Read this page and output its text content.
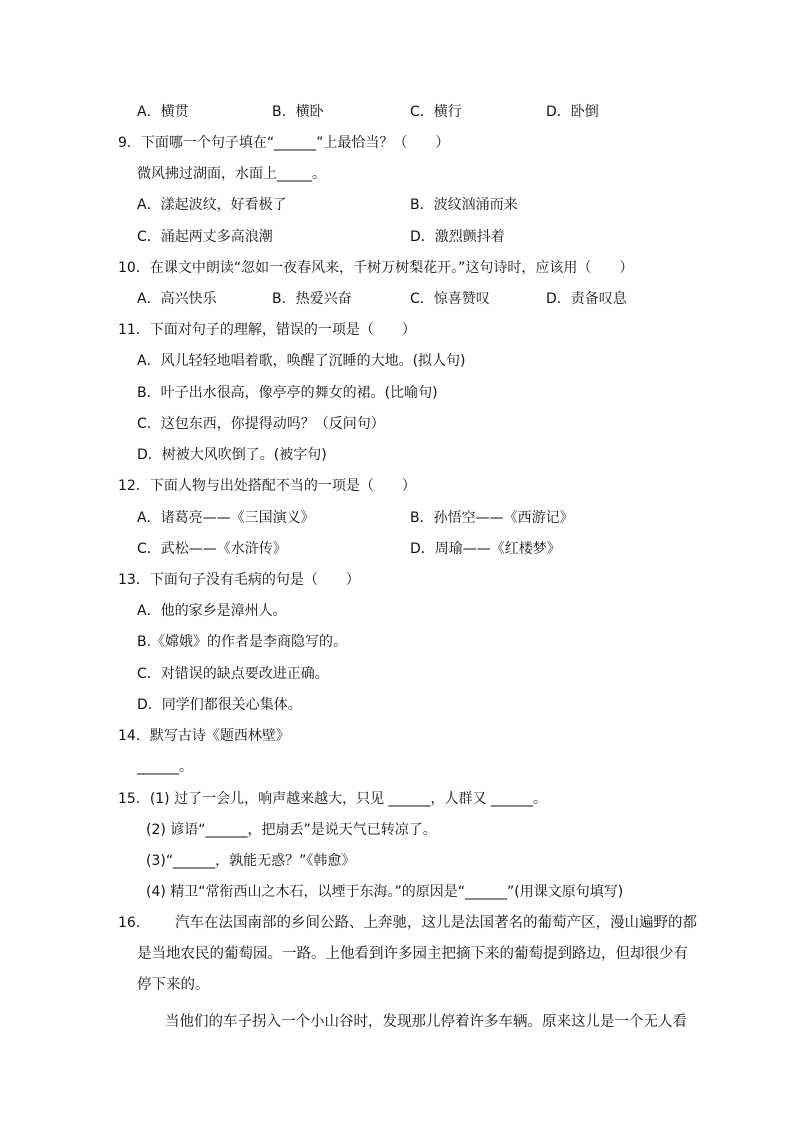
A．横贯	B．横卧	C．横行	D．卧倒
9．下面哪一个句子填在“______”上最恰当？（　　）
微风拂过湖面，水面上_____。
A．漾起波纹，好看极了	B．波纹汹涌而来
C．涌起两丈多高浪潮	D．激烈颤抖着
10．在课文中朗读“忽如一夜春风来，千树万树梨花开。”这句诗时，应该用（　　）
A．高兴快乐	B．热爱兴奋	C．惊喜赞叹	D．责备叹息
11．下面对句子的理解，错误的一项是（　　）
A．风儿轻轻地唱着歌，唤醒了沉睡的大地。(拟人句)
B．叶子出水很高，像亭亭的舞女的裙。(比喻句)
C．这包东西，你提得动吗？（反问句）
D．树被大风吹倒了。(被字句)
12．下面人物与出处搭配不当的一项是（　　）
A．诸葛亮——《三国演义》	B．孙悟空——《西游记》
C．武松——《水浒传》	D．周瑜——《红楼梦》
13．下面句子没有毛病的句是（　　）
A．他的家乡是漳州人。
B.《嫦娥》的作者是李商隐写的。
C．对错误的缺点要改进正确。
D．同学们都很关心集体。
14．默写古诗《题西林壁》
______。
15．(1) 过了一会儿，响声越来越大，只见 ______，人群又 ______。
(2) 谚语“______，把扇丢”是说天气已转凉了。
(3)“______，孰能无惑？”《韩愈》
(4) 精卫“常衔西山之木石，以堙于东海。”的原因是“______”(用课文原句填写)
16． 汽车在法国南部的乡间公路、上奔驰，这儿是法国著名的葡萄产区，漫山遍野的都
是当地农民的葡萄园。一路。上他看到许多园主把摘下来的葡萄提到路边，但却很少有
停下来的。
当他们的车子拐入一个小山谷时，发现那儿停着许多车辆。原来这儿是一个无人看
